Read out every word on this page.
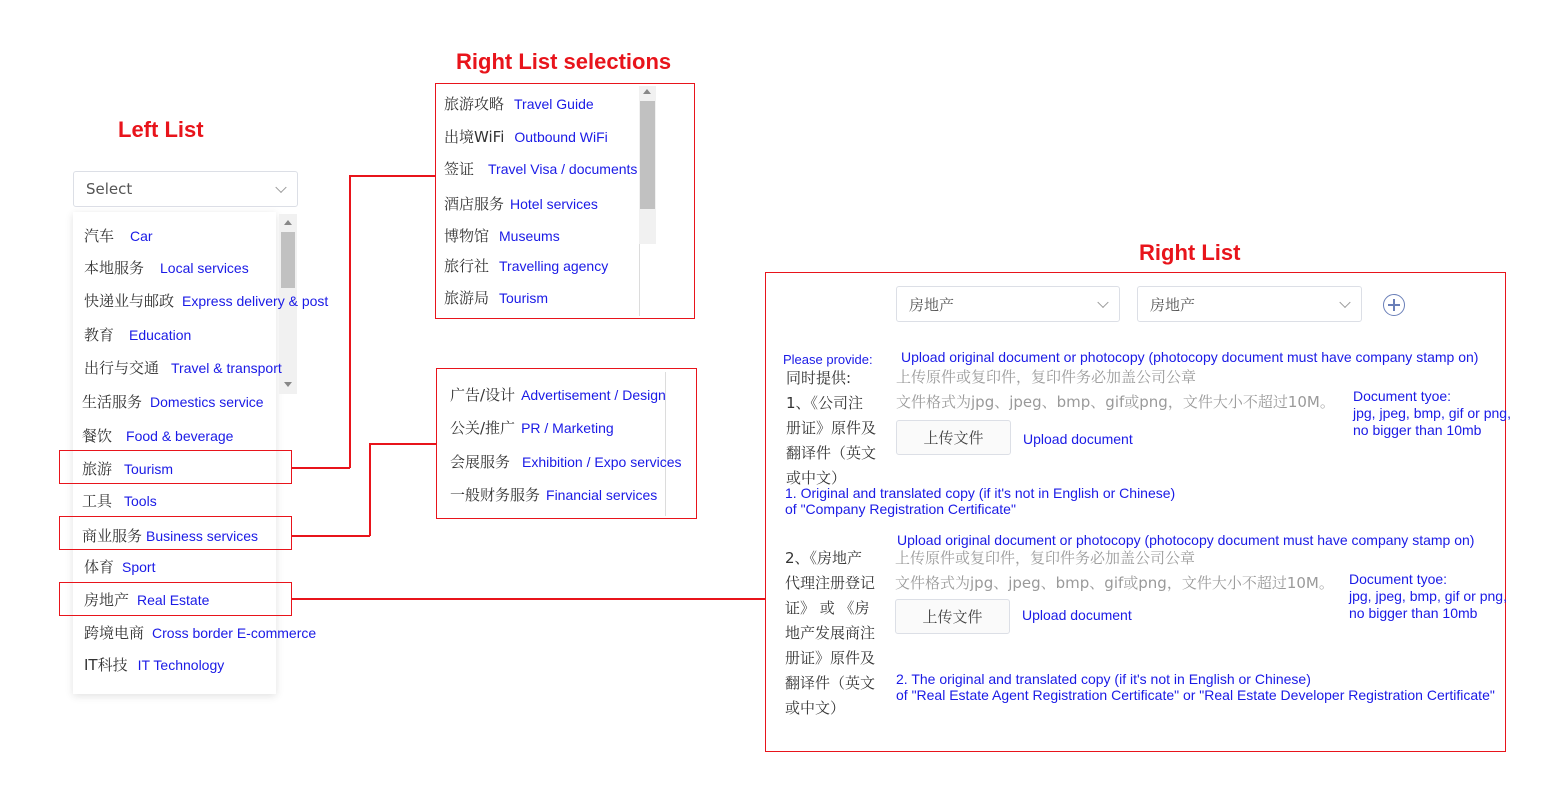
Left List
Right List selections
Right List
Select
汽车 Car
本地服务 Local services
快递业与邮政 Express delivery & post
教育 Education
出行与交通 Travel & transport
生活服务 Domestics service
餐饮 Food & beverage
旅游 Tourism
工具 Tools
商业服务 Business services
体育 Sport
房地产 Real Estate
跨境电商 Cross border E-commerce
IT科技 IT Technology
旅游攻略 Travel Guide
出境WiFi Outbound WiFi
签证 Travel Visa / documents
酒店服务 Hotel services
博物馆 Museums
旅行社 Travelling agency
旅游局 Tourism
广告/设计 Advertisement / Design
公关/推广 PR / Marketing
会展服务 Exhibition / Expo services
一般财务服务 Financial services
房地产	房地产
Please provide: Upload original document or photocopy (photocopy document must have company stamp on)
同时提供:	上传原件或复印件，复印件务必加盖公司公章
文件格式为jpg、jpeg、bmp、gif或png，文件大小不超过10M。 Document tyoe:
jpg, jpeg, bmp, gif or png,
no bigger than 10mb
1、《公司注
册证》原件及
翻译件（英文
或中文）
上传文件	Upload document
1. Original and translated copy (if it's not in English or Chinese)
of "Company Registration Certificate"
Upload original document or photocopy (photocopy document must have company stamp on)
上传原件或复印件，复印件务必加盖公司公章
文件格式为jpg、jpeg、bmp、gif或png，文件大小不超过10M。 Document tyoe:
jpg, jpeg, bmp, gif or png,
no bigger than 10mb
2、《房地产
代理注册登记
证》 或 《房
地产发展商注
册证》原件及
翻译件（英文
或中文）
上传文件	Upload document
2. The original and translated copy (if it's not in English or Chinese)
of "Real Estate Agent Registration Certificate" or "Real Estate Developer Registration Certificate"
